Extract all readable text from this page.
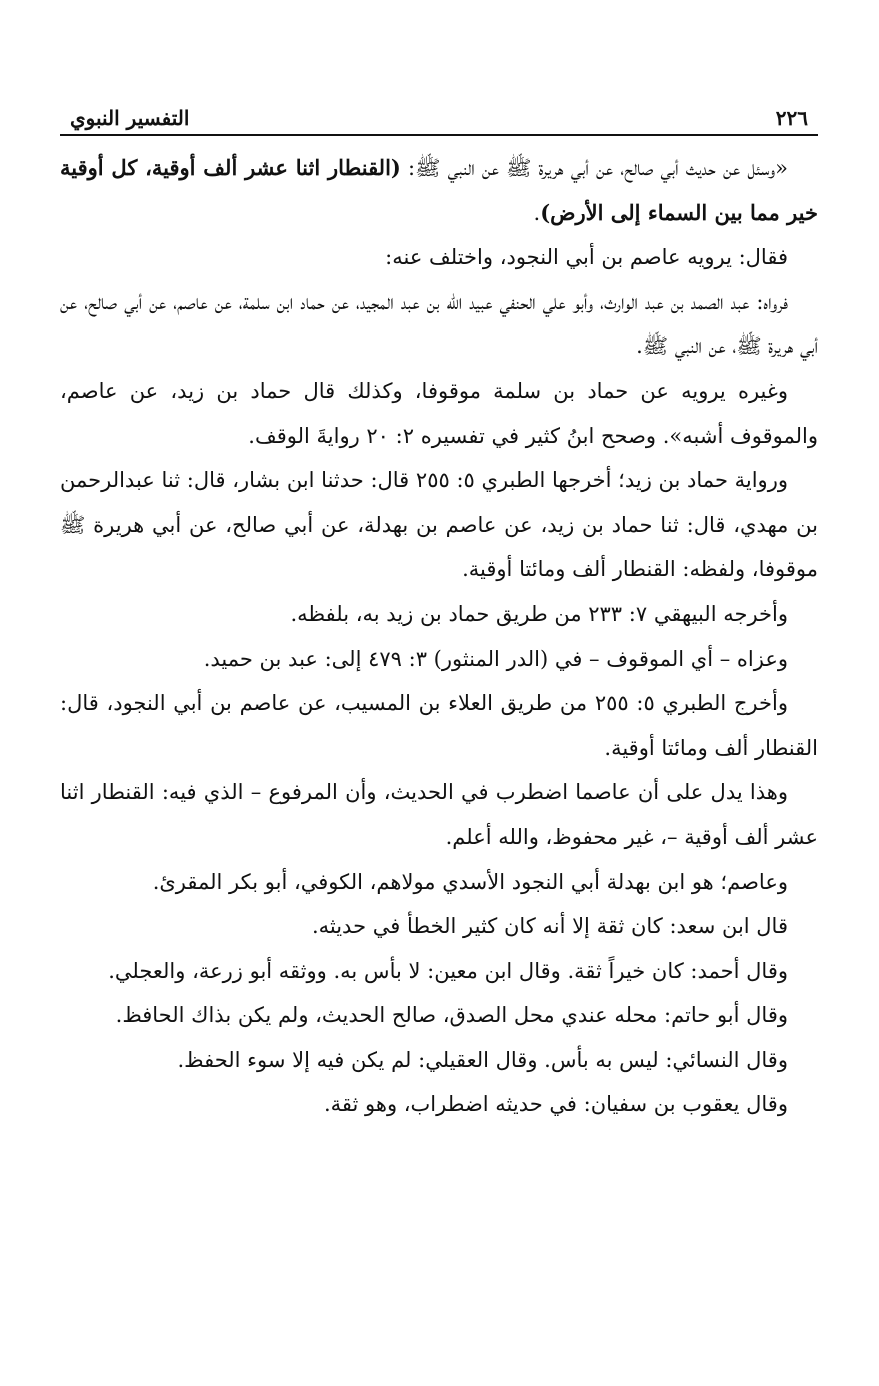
٢٢٦
التفسير النبوي

«وسئل عن حديث أبي صالح، عن أبي هريرة ﷺ عن النبي ﷺ: (القنطار اثنا عشر ألف أوقية، كل أوقية خير مما بين السماء إلى الأرض).

فقال: يرويه عاصم بن أبي النجود، واختلف عنه:

فرواه: عبد الصمد بن عبد الوارث، وأبو علي الحنفي عبيد الله بن عبد المجيد، عن حماد ابن سلمة، عن عاصم، عن أبي صالح، عن أبي هريرة ﷺ، عن النبي ﷺ.

وغيره يرويه عن حماد بن سلمة موقوفا، وكذلك قال حماد بن زيد، عن عاصم، والموقوف أشبه». وصحح ابنُ كثير في تفسيره ٢: ٢٠ روايةَ الوقف.

ورواية حماد بن زيد؛ أخرجها الطبري ٥: ٢٥٥ قال: حدثنا ابن بشار، قال: ثنا عبدالرحمن بن مهدي، قال: ثنا حماد بن زيد، عن عاصم بن بهدلة، عن أبي صالح، عن أبي هريرة ﷺ موقوفا، ولفظه: القنطار ألف ومائتا أوقية.

وأخرجه البيهقي ٧: ٢٣٣ من طريق حماد بن زيد به، بلفظه.

وعزاه – أي الموقوف – في (الدر المنثور) ٣: ٤٧٩ إلى: عبد بن حميد.

وأخرج الطبري ٥: ٢٥٥ من طريق العلاء بن المسيب، عن عاصم بن أبي النجود، قال: القنطار ألف ومائتا أوقية.

وهذا يدل على أن عاصما اضطرب في الحديث، وأن المرفوع – الذي فيه: القنطار اثنا عشر ألف أوقية –، غير محفوظ، والله أعلم.

وعاصم؛ هو ابن بهدلة أبي النجود الأسدي مولاهم، الكوفي، أبو بكر المقرئ.

قال ابن سعد: كان ثقة إلا أنه كان كثير الخطأ في حديثه.

وقال أحمد: كان خيراً ثقة. وقال ابن معين: لا بأس به. ووثقه أبو زرعة، والعجلي.

وقال أبو حاتم: محله عندي محل الصدق، صالح الحديث، ولم يكن بذاك الحافظ.

وقال النسائي: ليس به بأس. وقال العقيلي: لم يكن فيه إلا سوء الحفظ.

وقال يعقوب بن سفيان: في حديثه اضطراب، وهو ثقة.
